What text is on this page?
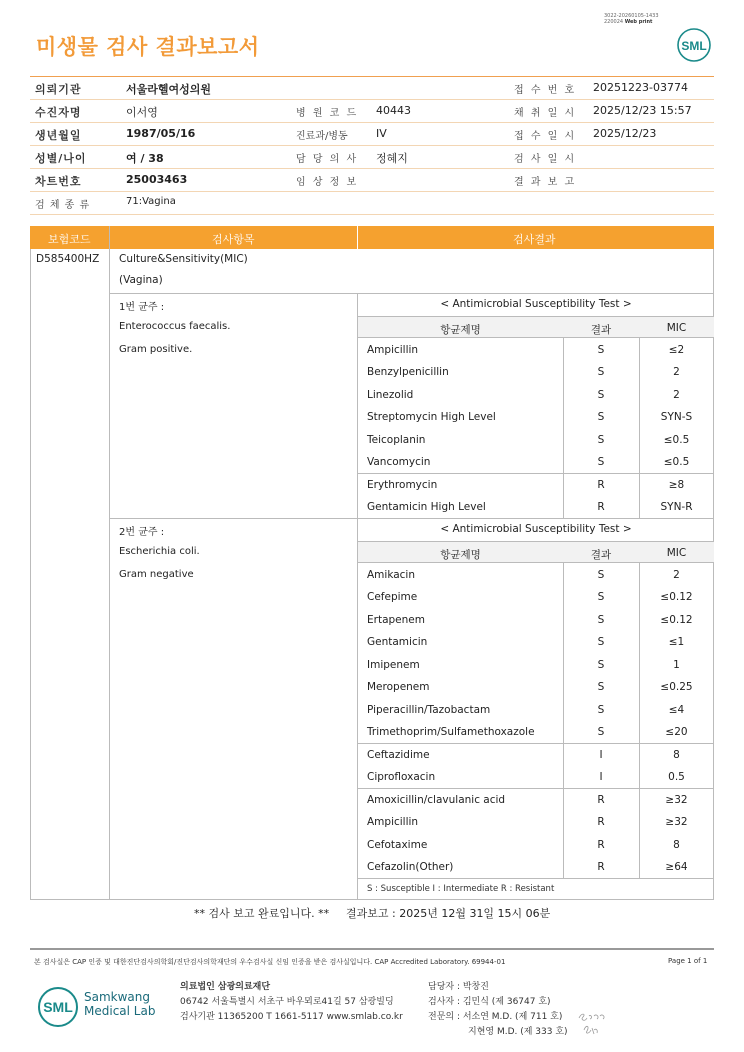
미생물 검사 결과보고서
3022-20260105-1433
220024 Web print
SML
의뢰기관	서울라헬여성의원	접 수 번 호 20251223-03774
수진자명	이서영	병 원 코 드 40443	채 취 일 시 2025/12/23 15:57
생년월일	1987/05/16	진료과/병동	IV	접 수 일 시 2025/12/23
성별/나이	여 / 38	담 당 의 사 정혜지	검 사 일 시
차트번호	25003463	임 상 정 보	결 과 보 고
검 체 종 류	71:Vagina
보험코드	검사항목	검사결과
D585400HZ Culture&Sensitivity(MIC)
(Vagina)
1번 균주 :
Enterococcus faecalis.
Gram positive.
< Antimicrobial Susceptibility Test >
항균제명	결과	MIC
Ampicillin	S	≤2
Benzylpenicillin	S	2
Linezolid	S	2
Streptomycin High Level	S	SYN-S
Teicoplanin	S	≤0.5
Vancomycin	S	≤0.5
Erythromycin	R	≥8
Gentamicin High Level	R	SYN-R
2번 균주 :
Escherichia coli.
Gram negative
< Antimicrobial Susceptibility Test >
항균제명	결과	MIC
Amikacin	S	2
Cefepime	S	≤0.12
Ertapenem	S	≤0.12
Gentamicin	S	≤1
Imipenem	S	1
Meropenem	S	≤0.25
Piperacillin/Tazobactam	S	≤4
Trimethoprim/Sulfamethoxazole	S	≤20
Ceftazidime	I	8
Ciprofloxacin	I	0.5
Amoxicillin/clavulanic acid	R	≥32
Ampicillin	R	≥32
Cefotaxime	R	8
Cefazolin(Other)	R	≥64
S : Susceptible I : Intermediate R : Resistant
** 검사 보고 완료입니다. ** 결과보고 : 2025년 12월 31일 15시 06분
본 검사실은 CAP 인증 및 대한진단검사의학회/진단검사의학재단의 우수검사실 신임 인증을 받은 검사실입니다. CAP Accredited Laboratory. 69944-01	Page 1 of 1
SML
Samkwang
Medical Lab
의료법인 삼광의료재단
06742 서울특별시 서초구 바우뫼로41길 57 삼광빌딩
검사기관 11365200 T 1661-5117 www.smlab.co.kr
담당자 : 박창진
검사자 : 김민식 (제 36747 호)
전문의 : 서소연 M.D. (제 711 호)
지현영 M.D. (제 333 호)
